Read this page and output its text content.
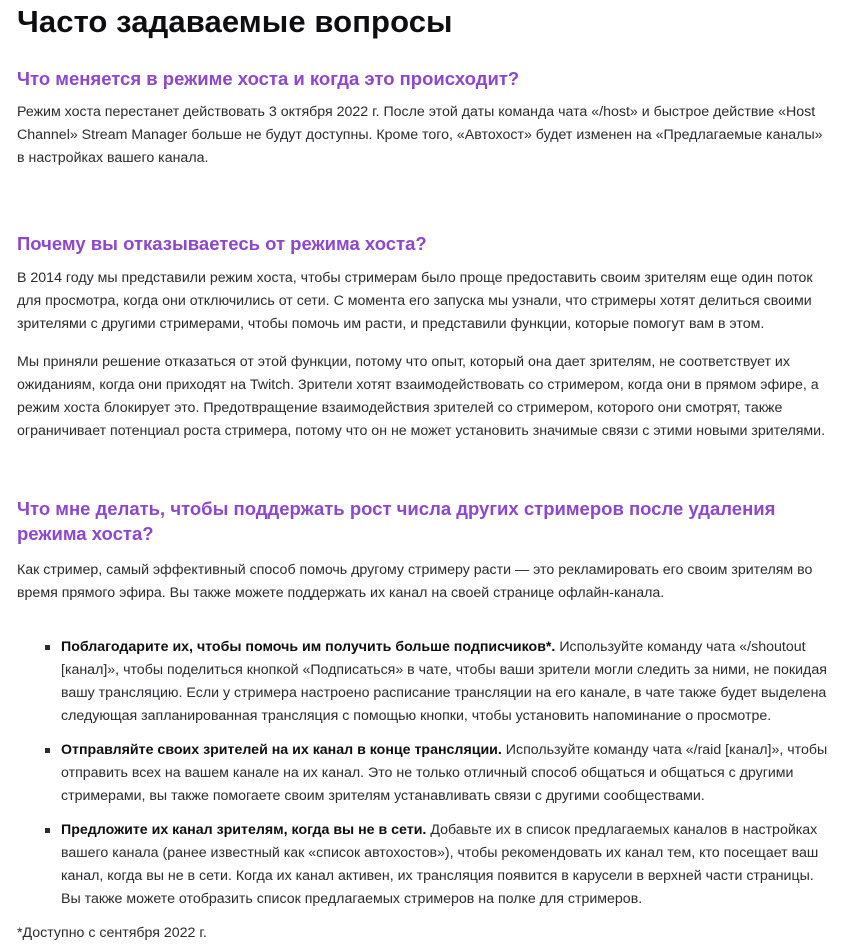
Часто задаваемые вопросы
Что меняется в режиме хоста и когда это происходит?

Режим хоста перестанет действовать 3 октября 2022 г. После этой даты команда чата «/host» и быстрое действие «Host Channel» Stream Manager больше не будут доступны. Кроме того, «Автохост» будет изменен на «Предлагаемые каналы» в настройках вашего канала.

Почему вы отказываетесь от режима хоста?

В 2014 году мы представили режим хоста, чтобы стримерам было проще предоставить своим зрителям еще один поток для просмотра, когда они отключились от сети. С момента его запуска мы узнали, что стримеры хотят делиться своими зрителями с другими стримерами, чтобы помочь им расти, и представили функции, которые помогут вам в этом.

Мы приняли решение отказаться от этой функции, потому что опыт, который она дает зрителям, не соответствует их ожиданиям, когда они приходят на Twitch. Зрители хотят взаимодействовать со стримером, когда они в прямом эфире, а режим хоста блокирует это. Предотвращение взаимодействия зрителей со стримером, которого они смотрят, также ограничивает потенциал роста стримера, потому что он не может установить значимые связи с этими новыми зрителями.

Что мне делать, чтобы поддержать рост числа других стримеров после удаления режима хоста?

Как стример, самый эффективный способ помочь другому стримеру расти — это рекламировать его своим зрителям во время прямого эфира. Вы также можете поддержать их канал на своей странице офлайн-канала.

Поблагодарите их, чтобы помочь им получить больше подписчиков*. Используйте команду чата «/shoutout [канал]», чтобы поделиться кнопкой «Подписаться» в чате, чтобы ваши зрители могли следить за ними, не покидая вашу трансляцию. Если у стримера настроено расписание трансляции на его канале, в чате также будет выделена следующая запланированная трансляция с помощью кнопки, чтобы установить напоминание о просмотре.
Отправляйте своих зрителей на их канал в конце трансляции. Используйте команду чата «/raid [канал]», чтобы отправить всех на вашем канале на их канал. Это не только отличный способ общаться и общаться с другими стримерами, вы также помогаете своим зрителям устанавливать связи с другими сообществами.
Предложите их канал зрителям, когда вы не в сети. Добавьте их в список предлагаемых каналов в настройках вашего канала (ранее известный как «список автохостов»), чтобы рекомендовать их канал тем, кто посещает ваш канал, когда вы не в сети. Когда их канал активен, их трансляция появится в карусели в верхней части страницы. Вы также можете отобразить список предлагаемых стримеров на полке для стримеров.

*Доступно с сентября 2022 г.
